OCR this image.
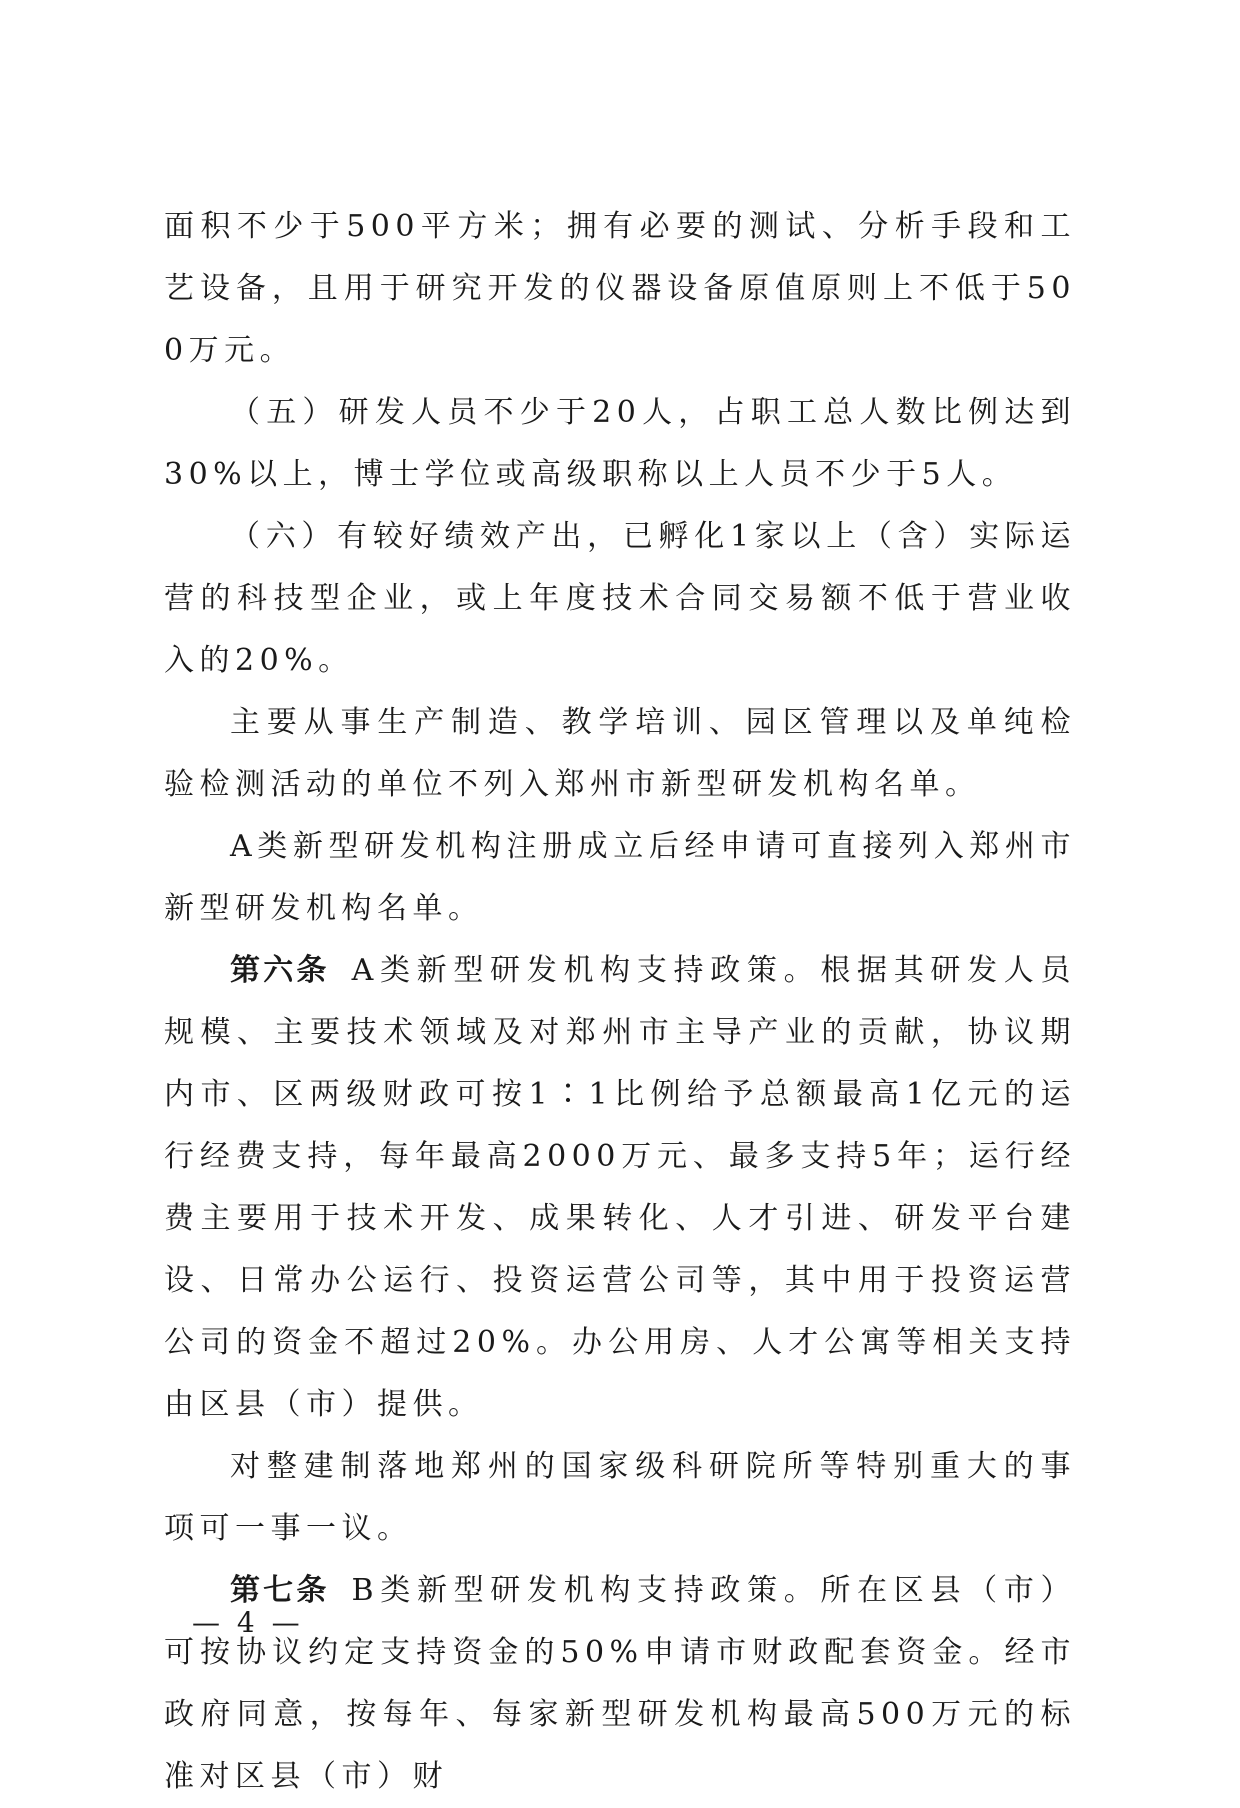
面积不少于500平方米；拥有必要的测试、分析手段和工艺设备，且用于研究开发的仪器设备原值原则上不低于500万元。

（五）研发人员不少于20人，占职工总人数比例达到30%以上，博士学位或高级职称以上人员不少于5人。

（六）有较好绩效产出，已孵化1家以上（含）实际运营的科技型企业，或上年度技术合同交易额不低于营业收入的20%。

主要从事生产制造、教学培训、园区管理以及单纯检验检测活动的单位不列入郑州市新型研发机构名单。

A类新型研发机构注册成立后经申请可直接列入郑州市新型研发机构名单。

第六条 A类新型研发机构支持政策。根据其研发人员规模、主要技术领域及对郑州市主导产业的贡献，协议期内市、区两级财政可按1∶1比例给予总额最高1亿元的运行经费支持，每年最高2000万元、最多支持5年；运行经费主要用于技术开发、成果转化、人才引进、研发平台建设、日常办公运行、投资运营公司等，其中用于投资运营公司的资金不超过20%。办公用房、人才公寓等相关支持由区县（市）提供。

对整建制落地郑州的国家级科研院所等特别重大的事项可一事一议。

第七条 B类新型研发机构支持政策。所在区县（市）可按协议约定支持资金的50%申请市财政配套资金。经市政府同意，按每年、每家新型研发机构最高500万元的标准对区县（市）财

— 4 —
